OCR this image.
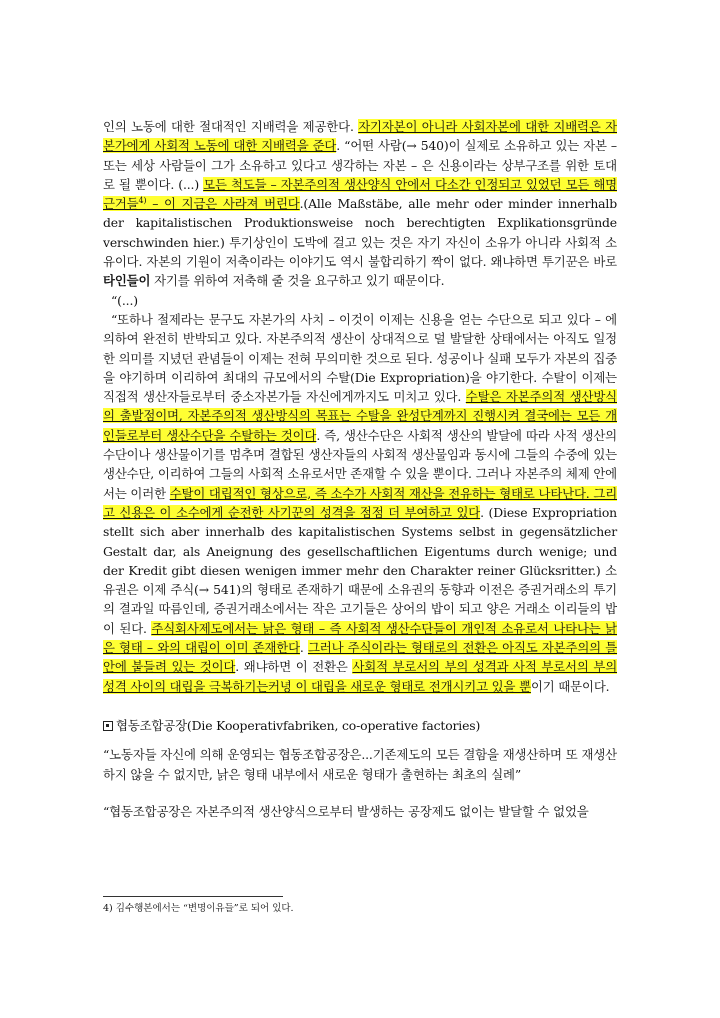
인의 노동에 대한 절대적인 지배력을 제공한다. 자기자본이 아니라 사회자본에 대한 지배력은 자본가에게 사회적 노동에 대한 지배력을 준다. “어떤 사람(→ 540)이 실제로 소유하고 있는 자본 – 또는 세상 사람들이 그가 소유하고 있다고 생각하는 자본 – 은 신용이라는 상부구조를 위한 토대로 될 뿐이다. (...) 모든 척도들 – 자본주의적 생산양식 안에서 다소간 인정되고 있었던 모든 해명근거들$^{4)}$ – 이 지금은 사라져 버린다.(Alle Maßstäbe, alle mehr oder minder innerhalb der kapitalistischen Produktionsweise noch berechtigten Explikationsgründe verschwinden hier.) 투기상인이 도박에 걸고 있는 것은 자기 자신이 소유가 아니라 사회적 소유이다. 자본의 기원이 저축이라는 이야기도 역시 불합리하기 짝이 없다. 왜냐하면 투기꾼은 바로 타인들이 자기를 위하여 저축해 줄 것을 요구하고 있기 때문이다.

“(...)

“또하나 절제라는 문구도 자본가의 사치 – 이것이 이제는 신용을 얻는 수단으로 되고 있다 – 에 의하여 완전히 반박되고 있다. 자본주의적 생산이 상대적으로 덜 발달한 상태에서는 아직도 일정한 의미를 지녔던 관념들이 이제는 전혀 무의미한 것으로 된다. 성공이나 실패 모두가 자본의 집중을 야기하며 이리하여 최대의 규모에서의 수탈(Die Expropriation)을 야기한다. 수탈이 이제는 직접적 생산자들로부터 중소자본가들 자신에게까지도 미치고 있다. 수탈은 자본주의적 생산방식의 출발점이며, 자본주의적 생산방식의 목표는 수탈을 완성단계까지 진행시켜 결국에는 모든 개인들로부터 생산수단을 수탈하는 것이다. 즉, 생산수단은 사회적 생산의 발달에 따라 사적 생산의 수단이나 생산물이기를 멈추며 결합된 생산자들의 사회적 생산물임과 동시에 그들의 수중에 있는 생산수단, 이리하여 그들의 사회적 소유로서만 존재할 수 있을 뿐이다. 그러나 자본주의 체제 안에서는 이러한 수탈이 대립적인 형상으로, 즉 소수가 사회적 재산을 전유하는 형태로 나타난다. 그리고 신용은 이 소수에게 순전한 사기꾼의 성격을 점점 더 부여하고 있다. (Diese Expropriation stellt sich aber innerhalb des kapitalistischen Systems selbst in gegensätzlicher Gestalt dar, als Aneignung des gesellschaftlichen Eigentums durch wenige; und der Kredit gibt diesen wenigen immer mehr den Charakter reiner Glücksritter.) 소유권은 이제 주식(→ 541)의 형태로 존재하기 때문에 소유권의 동향과 이전은 증권거래소의 투기의 결과일 따름인데, 증권거래소에서는 작은 고기들은 상어의 밥이 되고 양은 거래소 이리들의 밥이 된다. 주식회사제도에서는 낡은 형태 – 즉 사회적 생산수단들이 개인적 소유로서 나타나는 낡은 형태 – 와의 대립이 이미 존재한다. 그러나 주식이라는 형태로의 전환은 아직도 자본주의의 틀 안에 붙들려 있는 것이다. 왜냐하면 이 전환은 사회적 부로서의 부의 성격과 사적 부로서의 부의 성격 사이의 대립을 극복하기는커녕 이 대립을 새로운 형태로 전개시키고 있을 뿐이기 때문이다.

협동조합공장(Die Kooperativfabriken, co-operative factories)

“노동자들 자신에 의해 운영되는 협동조합공장은...기존제도의 모든 결함을 재생산하며 또 재생산하지 않을 수 없지만, 낡은 형태 내부에서 새로운 형태가 출현하는 최초의 실례”

“협동조합공장은 자본주의적 생산양식으로부터 발생하는 공장제도 없이는 발달할 수 없었을

4) 김수행본에서는 “변명이유들”로 되어 있다.
